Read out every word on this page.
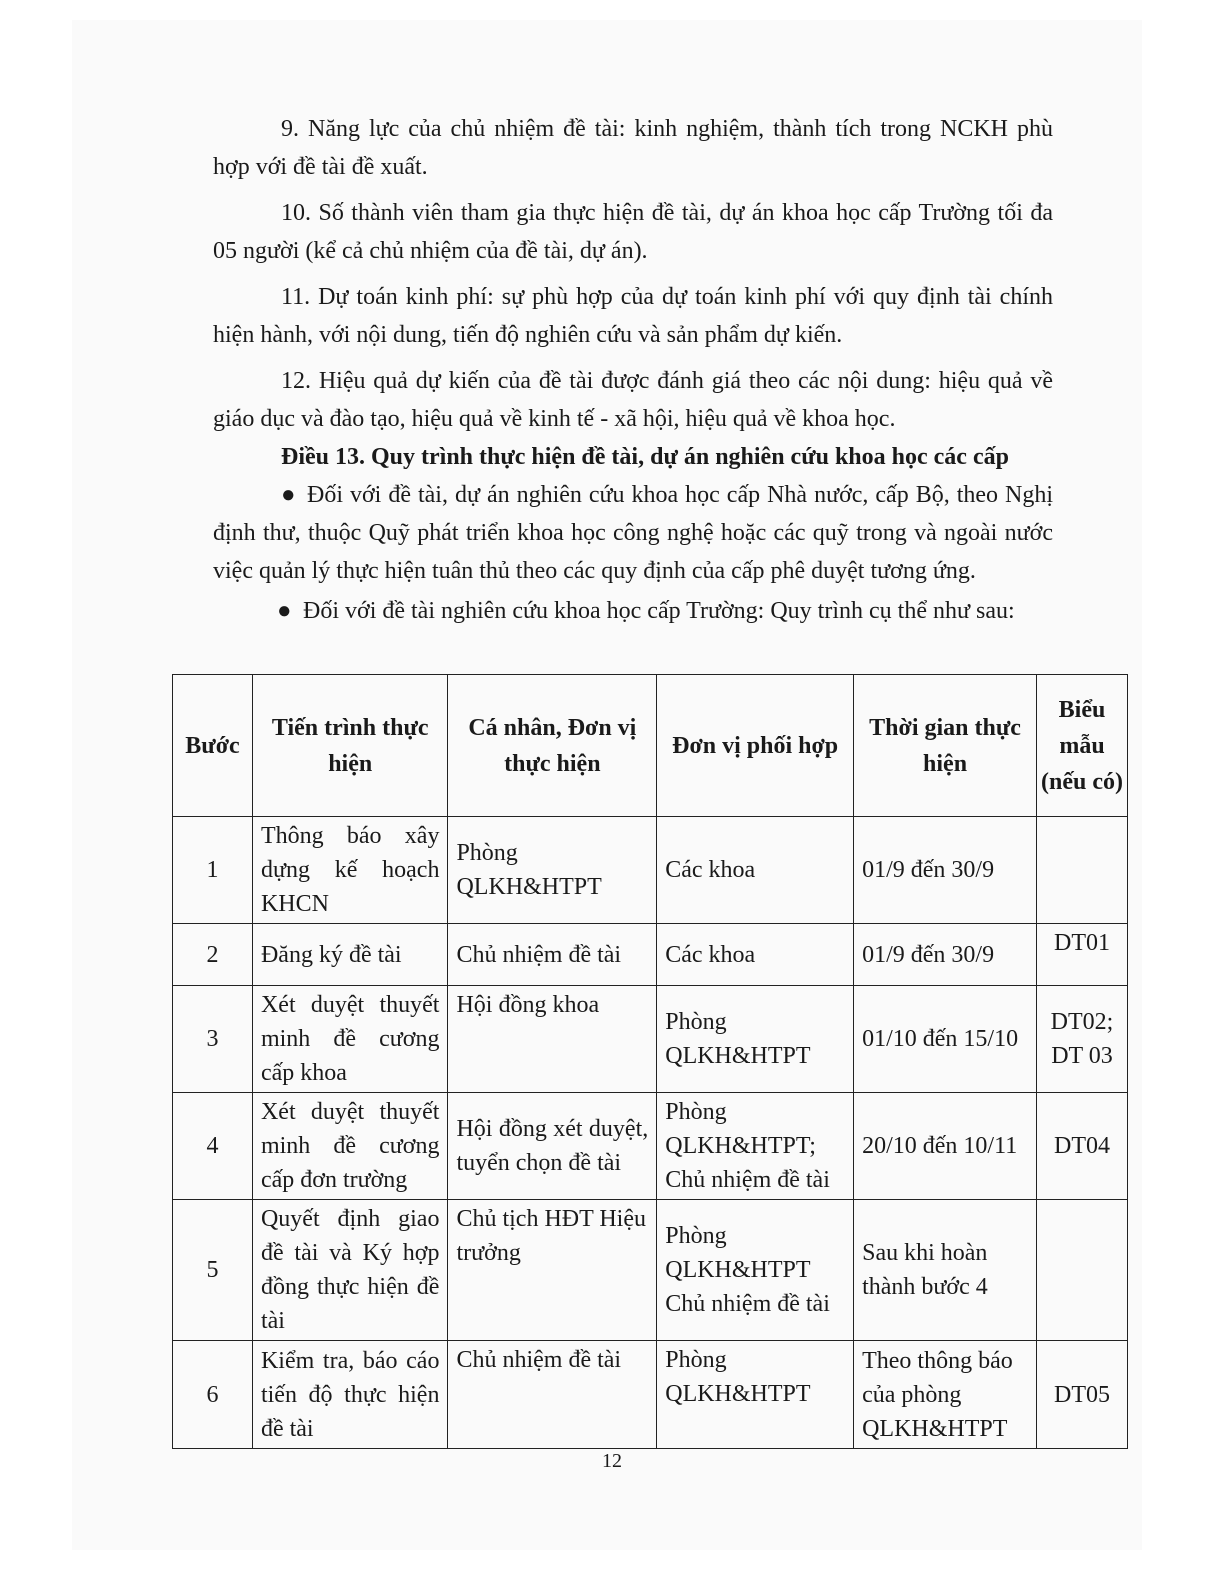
9. Năng lực của chủ nhiệm đề tài: kinh nghiệm, thành tích trong NCKH phù hợp với đề tài đề xuất.

10. Số thành viên tham gia thực hiện đề tài, dự án khoa học cấp Trường tối đa 05 người (kể cả chủ nhiệm của đề tài, dự án).

11. Dự toán kinh phí: sự phù hợp của dự toán kinh phí với quy định tài chính hiện hành, với nội dung, tiến độ nghiên cứu và sản phẩm dự kiến.

12. Hiệu quả dự kiến của đề tài được đánh giá theo các nội dung: hiệu quả về giáo dục và đào tạo, hiệu quả về kinh tế - xã hội, hiệu quả về khoa học.

Điều 13. Quy trình thực hiện đề tài, dự án nghiên cứu khoa học các cấp

● Đối với đề tài, dự án nghiên cứu khoa học cấp Nhà nước, cấp Bộ, theo Nghị định thư, thuộc Quỹ phát triển khoa học công nghệ hoặc các quỹ trong và ngoài nước việc quản lý thực hiện tuân thủ theo các quy định của cấp phê duyệt tương ứng.

● Đối với đề tài nghiên cứu khoa học cấp Trường: Quy trình cụ thể như sau:

Bước	Tiến trình thực hiện	Cá nhân, Đơn vị thực hiện	Đơn vị phối hợp	Thời gian thực hiện	Biểu mẫu (nếu có)
1	Thông báo xây dựng kế hoạch KHCN	Phòng QLKH&HTPT	Các khoa	01/9 đến 30/9	
2	Đăng ký đề tài	Chủ nhiệm đề tài	Các khoa	01/9 đến 30/9	DT01
3	Xét duyệt thuyết minh đề cương cấp khoa	Hội đồng khoa	Phòng QLKH&HTPT	01/10 đến 15/10	DT02; DT 03
4	Xét duyệt thuyết minh đề cương cấp đơn trường	Hội đồng xét duyệt, tuyển chọn đề tài	Phòng QLKH&HTPT; Chủ nhiệm đề tài	20/10 đến 10/11	DT04
5	Quyết định giao đề tài và Ký hợp đồng thực hiện đề tài	Chủ tịch HĐT Hiệu trưởng	Phòng QLKH&HTPT Chủ nhiệm đề tài	Sau khi hoàn thành bước 4	
6	Kiểm tra, báo cáo tiến độ thực hiện đề tài	Chủ nhiệm đề tài	Phòng QLKH&HTPT	Theo thông báo của phòng QLKH&HTPT	DT05
12
